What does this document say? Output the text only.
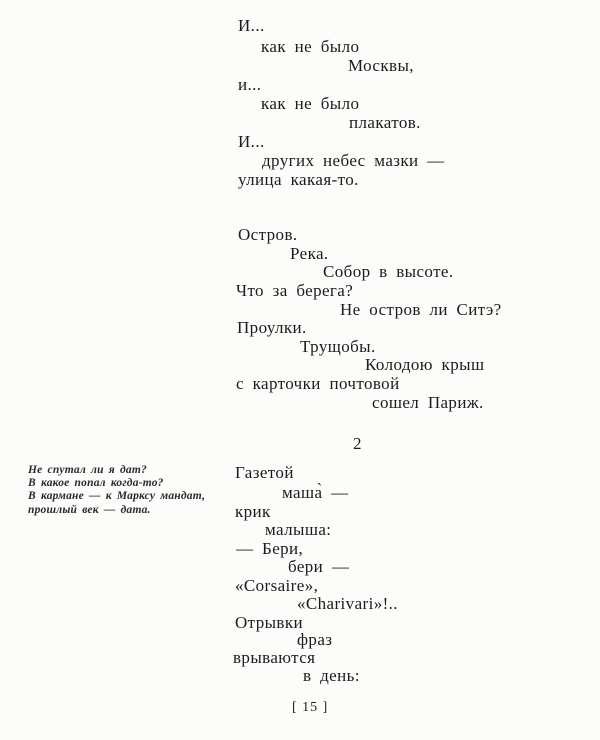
И...
как не было
Москвы,
и...
как не было
плакатов.
И...
других небес мазки —
улица какая-то.
Остров.
Река.
Собор в высоте.
Что за берега?
Не остров ли Ситэ?
Проулки.
Трущобы.
Колодою крыш
с карточки почтовой
сошел Париж.
2
Не спутал ли я дат?
В какое попал когда-то?
В кармане — к Марксу мандат,
прошлый век — дата.
Газетой
маша̀ —
крик
малыша:
— Бери,
бери —
«Corsaire»,
«Charivari»!..
Отрывки
фраз
врываются
в день:
[ 15 ]
